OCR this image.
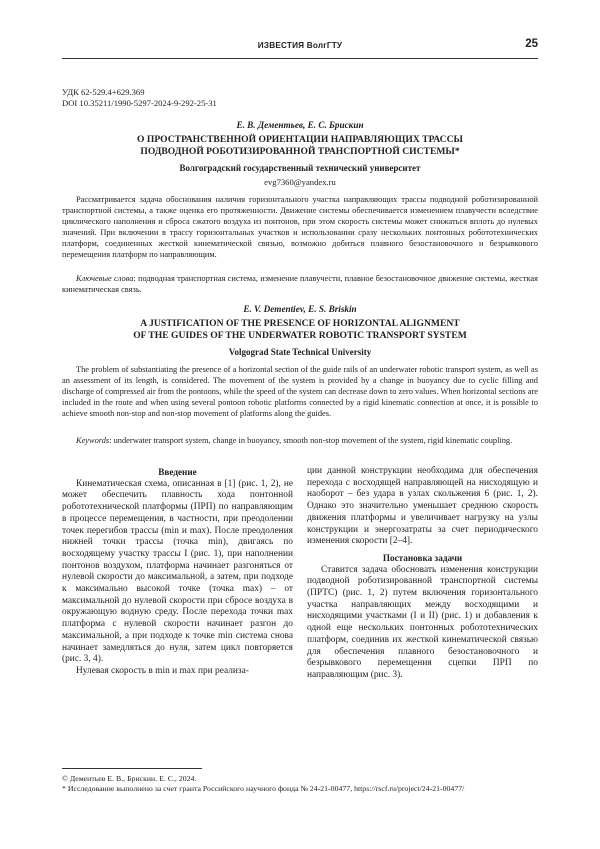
ИЗВЕСТИЯ ВолгГТУ	25
УДК 62-529.4+629.369
DOI 10.35211/1990-5297-2024-9-292-25-31
Е. В. Дементьев, Е. С. Брискин
О ПРОСТРАНСТВЕННОЙ ОРИЕНТАЦИИ НАПРАВЛЯЮЩИХ ТРАССЫ
ПОДВОДНОЙ РОБОТИЗИРОВАННОЙ ТРАНСПОРТНОЙ СИСТЕМЫ*
Волгоградский государственный технический университет
evg7360@yandex.ru
Рассматривается задача обоснования наличия горизонтального участка направляющих трассы подводной роботизированной транспортной системы, а также оценка его протяженности. Движение системы обеспечивается изменением плавучести вследствие циклического наполнения и сброса сжатого воздуха из понтонов, при этом скорость системы может снижаться вплоть до нулевых значений. При включении в трассу горизонтальных участков и использовании сразу нескольких понтонных робототехнических платформ, соединенных жесткой кинематической связью, возможно добиться плавного безостановочного и безрывкового перемещения платформ по направляющим.
Ключевые слова: подводная транспортная система, изменение плавучести, плавное безостановочное движение системы, жесткая кинематическая связь.
E. V. Dementiev, E. S. Briskin
A JUSTIFICATION OF THE PRESENCE OF HORIZONTAL ALIGNMENT
OF THE GUIDES OF THE UNDERWATER ROBOTIC TRANSPORT SYSTEM
Volgograd State Technical University
The problem of substantiating the presence of a horizontal section of the guide rails of an underwater robotic transport system, as well as an assessment of its length, is considered. The movement of the system is provided by a change in buoyancy due to cyclic filling and discharge of compressed air from the pontoons, while the speed of the system can decrease down to zero values. When horizontal sections are included in the route and when using several pontoon robotic platforms connected by a rigid kinematic connection at once, it is possible to achieve smooth non-stop and non-stop movement of platforms along the guides.
Keywords: underwater transport system, change in buoyancy, smooth non-stop movement of the system, rigid kinematic coupling.

Введение

Кинематическая схема, описанная в [1] (рис. 1, 2), не может обеспечить плавность хода понтонной робототехнической платформы (ПРП) по направляющим в процессе перемещения, в частности, при преодолении точек перегибов трассы (min и max). После преодоления нижней точки трассы (точка min), двигаясь по восходящему участку трассы I (рис. 1), при наполнении понтонов воздухом, платформа начинает разгоняться от нулевой скорости до максимальной, а затем, при подходе к максимально высокой точке (точка max) – от максимальной до нулевой скорости при сбросе воздуха в окружающую водную среду. После перехода точки max платформа с нулевой скорости начинает разгон до максимальной, а при подходе к точке min система снова начинает замедляться до нуля, затем цикл повторяется (рис. 3, 4).

Нулевая скорость в min и max при реализа-

ции данной конструкции необходима для обеспечения перехода с восходящей направляющей на нисходящую и наоборот – без удара в узлах скольжения 6 (рис. 1, 2). Однако это значительно уменьшает среднюю скорость движения платформы и увеличивает нагрузку на узлы конструкции и энергозатраты за счет периодического изменения скорости [2–4].

Постановка задачи

Ставится задача обосновать изменения конструкции подводной роботизированной транспортной системы (ПРТС) (рис. 1, 2) путем включения горизонтального участка направляющих между восходящими и нисходящими участками (I и II) (рис. 1) и добавления к одной еще нескольких понтонных робототехнических платформ, соединив их жесткой кинематической связью для обеспечения плавного безостановочного и безрывкового перемещения сцепки ПРП по направляющим (рис. 3).

© Дементьев Е. В., Брискин. Е. С., 2024.
* Исследование выполнено за счет гранта Российского научного фонда № 24-21-00477, https://rscf.ru/project/24-21-00477/
